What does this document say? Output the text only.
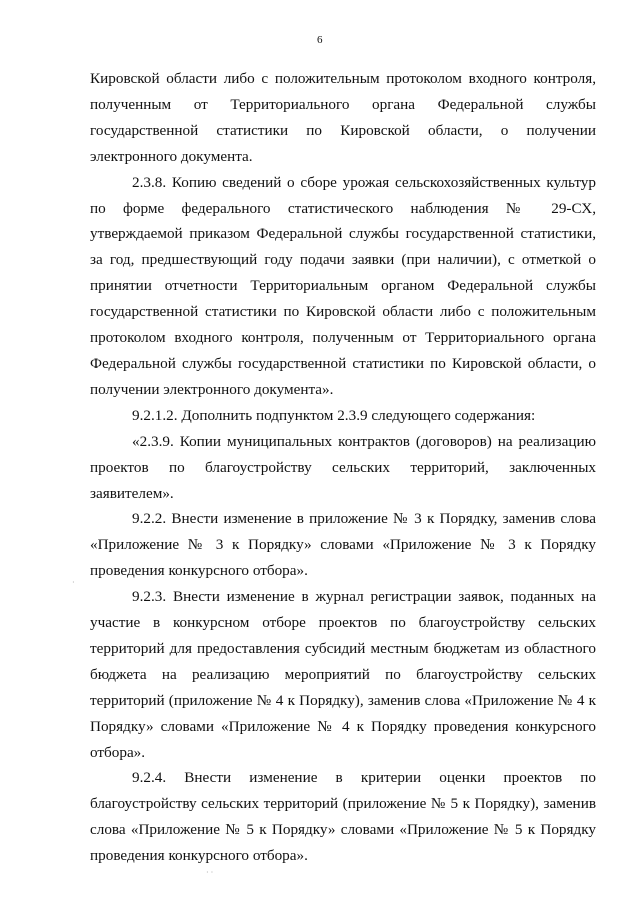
6

Кировской области либо с положительным протоколом входного контроля, полученным от Территориального органа Федеральной службы государственной статистики по Кировской области, о получении электронного документа.

2.3.8. Копию сведений о сборе урожая сельскохозяйственных культур по форме федерального статистического наблюдения № 29-СХ, утверждаемой приказом Федеральной службы государственной статистики, за год, предшествующий году подачи заявки (при наличии), с отметкой о принятии отчетности Территориальным органом Федеральной службы государственной статистики по Кировской области либо с положительным протоколом входного контроля, полученным от Территориального органа Федеральной службы государственной статистики по Кировской области, о получении электронного документа».

9.2.1.2. Дополнить подпунктом 2.3.9 следующего содержания:

«2.3.9. Копии муниципальных контрактов (договоров) на реализацию проектов по благоустройству сельских территорий, заключенных заявителем».

9.2.2. Внести изменение в приложение № 3 к Порядку, заменив слова «Приложение № 3 к Порядку» словами «Приложение № 3 к Порядку проведения конкурсного отбора».

9.2.3. Внести изменение в журнал регистрации заявок, поданных на участие в конкурсном отборе проектов по благоустройству сельских территорий для предоставления субсидий местным бюджетам из областного бюджета на реализацию мероприятий по благоустройству сельских территорий (приложение № 4 к Порядку), заменив слова «Приложение № 4 к Порядку» словами «Приложение № 4 к Порядку проведения конкурсного отбора».

9.2.4. Внести изменение в критерии оценки проектов по благоустройству сельских территорий (приложение № 5 к Порядку), заменив слова «Приложение № 5 к Порядку» словами «Приложение № 5 к Порядку проведения конкурсного отбора».

·
· ·
